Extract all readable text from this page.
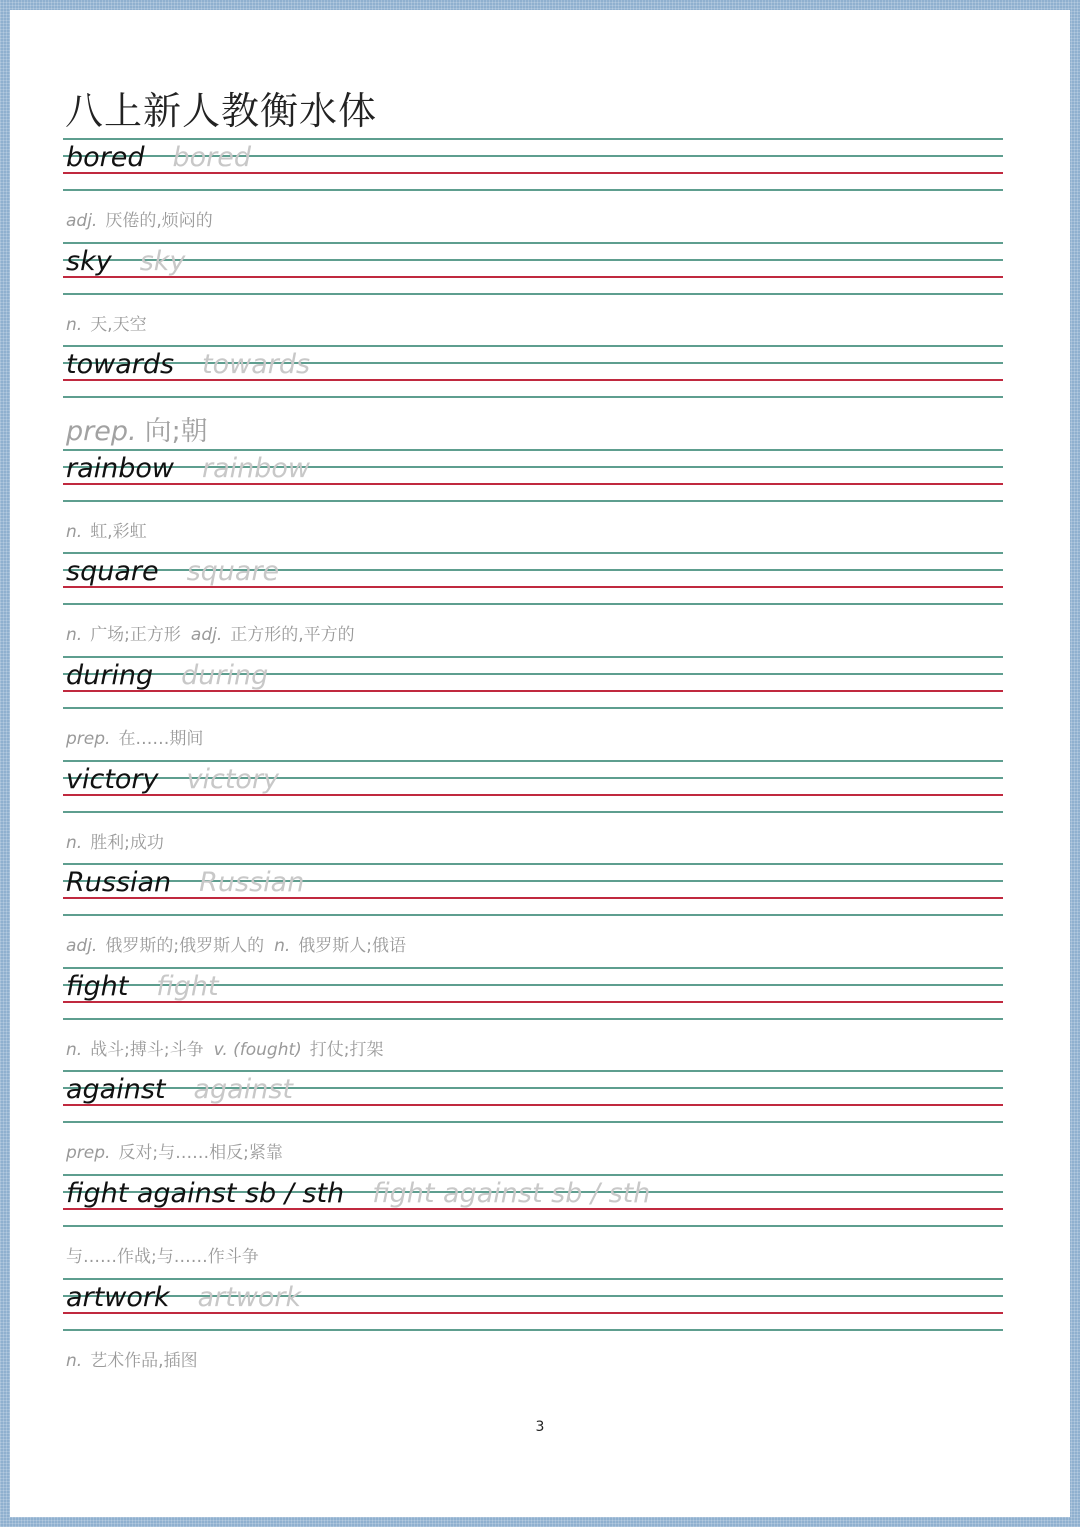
八上新人教衡水体
bored bored
adj. 厌倦的,烦闷的
sky sky
n. 天,天空
towards towards
prep. 向;朝
rainbow rainbow
n. 虹,彩虹
square square
n. 广场;正方形 adj. 正方形的,平方的
during during
prep. 在……期间
victory victory
n. 胜利;成功
Russian Russian
adj. 俄罗斯的;俄罗斯人的 n. 俄罗斯人;俄语
fight fight
n. 战斗;搏斗;斗争 v. (fought) 打仗;打架
against against
prep. 反对;与……相反;紧靠
fight against sb / sth fight against sb / sth
与……作战;与……作斗争
artwork artwork
n. 艺术作品,插图
3
